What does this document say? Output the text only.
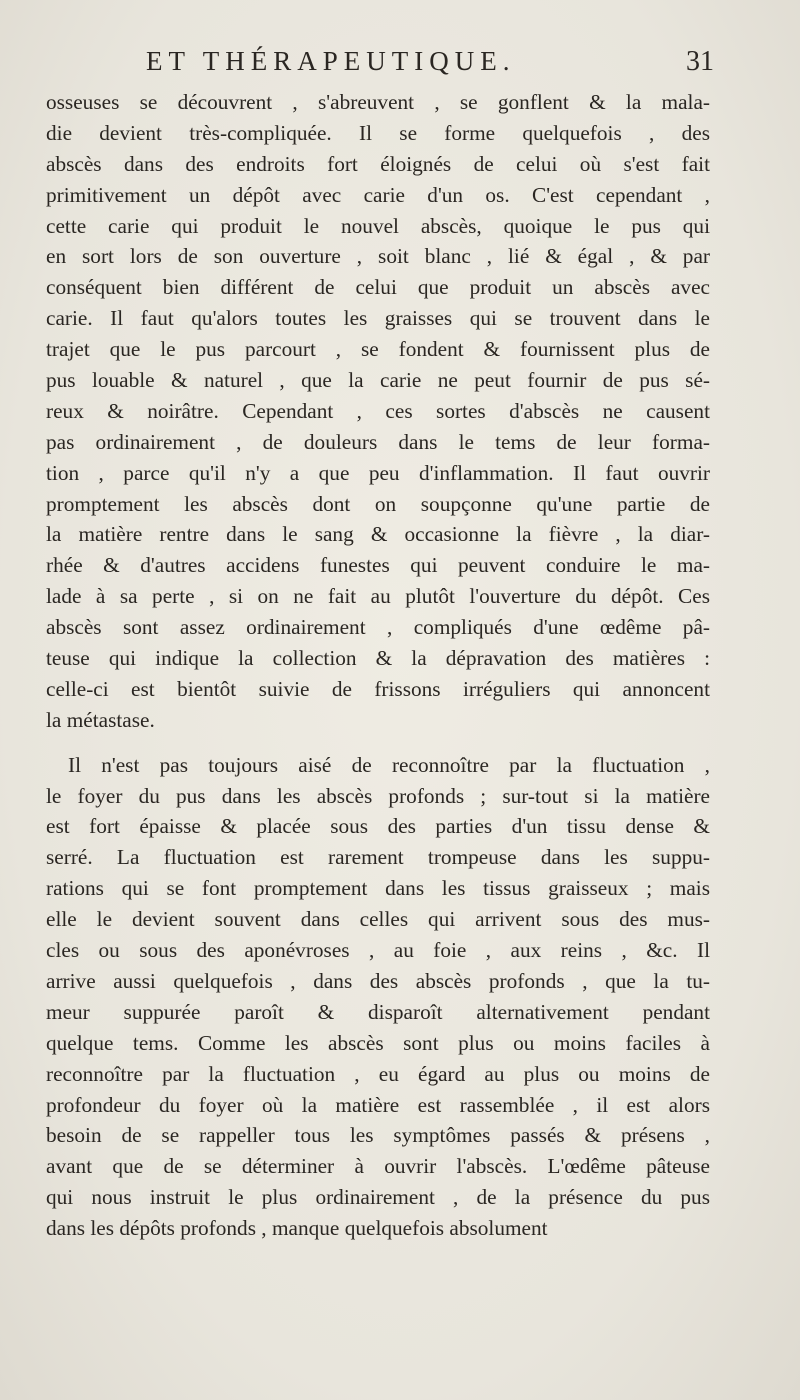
ET THÉRAPEUTIQUE.	31
osseuses se découvrent , s'abreuvent , se gonflent & la mala-
die devient très-compliquée. Il se forme quelquefois , des
abscès dans des endroits fort éloignés de celui où s'est fait
primitivement un dépôt avec carie d'un os. C'est cependant ,
cette carie qui produit le nouvel abscès, quoique le pus qui
en sort lors de son ouverture , soit blanc , lié & égal , & par
conséquent bien différent de celui que produit un abscès avec
carie. Il faut qu'alors toutes les graisses qui se trouvent dans le
trajet que le pus parcourt , se fondent & fournissent plus de
pus louable & naturel , que la carie ne peut fournir de pus sé-
reux & noirâtre. Cependant , ces sortes d'abscès ne causent
pas ordinairement , de douleurs dans le tems de leur forma-
tion , parce qu'il n'y a que peu d'inflammation. Il faut ouvrir
promptement les abscès dont on soupçonne qu'une partie de
la matière rentre dans le sang & occasionne la fièvre , la diar-
rhée & d'autres accidens funestes qui peuvent conduire le ma-
lade à sa perte , si on ne fait au plutôt l'ouverture du dépôt. Ces
abscès sont assez ordinairement , compliqués d'une œdême pâ-
teuse qui indique la collection & la dépravation des matières :
celle-ci est bientôt suivie de frissons irréguliers qui annoncent
la métastase.
Il n'est pas toujours aisé de reconnoître par la fluctuation ,
le foyer du pus dans les abscès profonds ; sur-tout si la matière
est fort épaisse & placée sous des parties d'un tissu dense &
serré. La fluctuation est rarement trompeuse dans les suppu-
rations qui se font promptement dans les tissus graisseux ; mais
elle le devient souvent dans celles qui arrivent sous des mus-
cles ou sous des aponévroses , au foie , aux reins , &c. Il
arrive aussi quelquefois , dans des abscès profonds , que la tu-
meur suppurée paroît & disparoît alternativement pendant
quelque tems. Comme les abscès sont plus ou moins faciles à
reconnoître par la fluctuation , eu égard au plus ou moins de
profondeur du foyer où la matière est rassemblée , il est alors
besoin de se rappeller tous les symptômes passés & présens ,
avant que de se déterminer à ouvrir l'abscès. L'œdême pâteuse
qui nous instruit le plus ordinairement , de la présence du pus
dans les dépôts profonds , manque quelquefois absolument
